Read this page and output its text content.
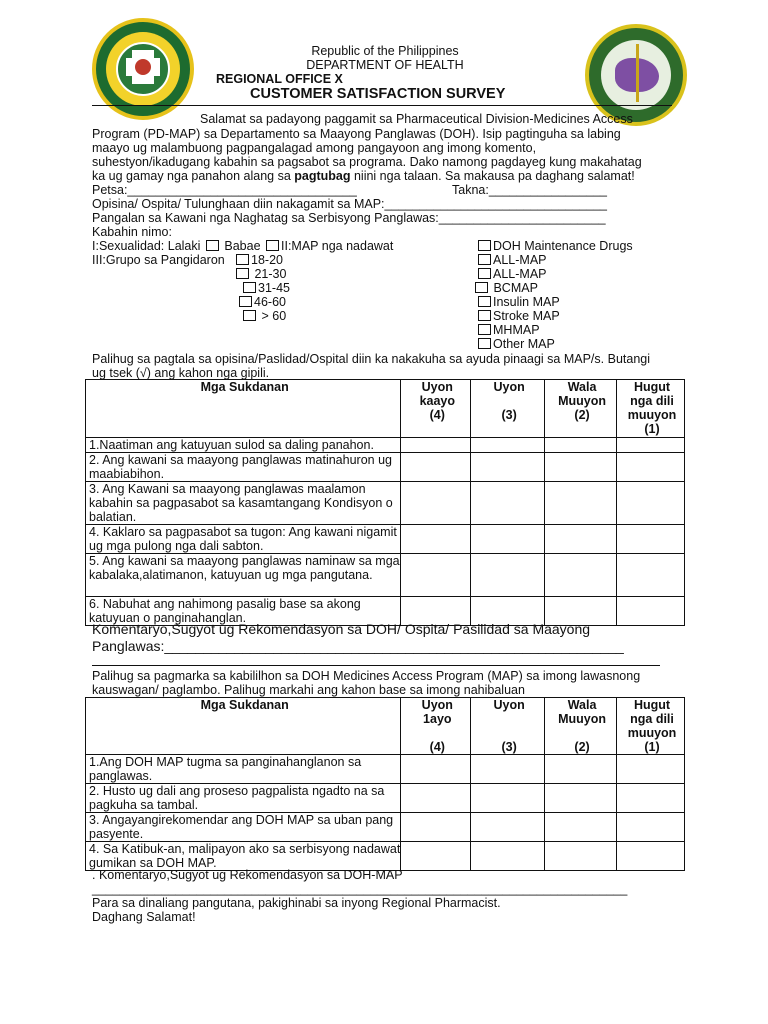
Republic of the Philippines
DEPARTMENT OF HEALTH
REGIONAL OFFICE X
CUSTOMER SATISFACTION SURVEY
Salamat sa padayong paggamit sa Pharmaceutical Division-Medicines Access
Program (PD-MAP) sa Departamento sa Maayong Panglawas (DOH). Isip pagtinguha sa labing
maayo ug malambuong pagpangalagad among pangayoon ang imong komento,
suhestyon/ikadugang kabahin sa pagsabot sa programa. Dako namong pagdayeg kung makahatag
ka ug gamay nga panahon alang sa pagtubag niini nga talaan. Sa makausa pa daghang salamat!
Petsa:_________________________________	Takna:_________________
Opisina/ Ospita/ Tulunghaan diin nakagamit sa MAP:________________________________
Pangalan sa Kawani nga Naghatag sa Serbisyong Panglawas:________________________
Kabahin nimo:
I:Sexualidad: Lalaki Babae II:MAP nga nadawat
III:Grupo sa Pangidaron	18-20
21-30
31-45
46-60
> 60
DOH Maintenance Drugs
ALL-MAP
ALL-MAP
BCMAP
Insulin MAP
Stroke MAP
MHMAP
Other MAP
Palihug sa pagtala sa opisina/Paslidad/Ospital diin ka nakakuha sa ayuda pinaagi sa MAP/s. Butangi
ug tsek (√) ang kahon nga gipili.
Mga Sukdanan	Uyon
kaayo
(4)	Uyon

(3)	Wala
Muuyon
(2)	Hugut
nga dili
muuyon
(1)
1.Naatiman ang katuyuan sulod sa daling panahon.				
2. Ang kawani sa maayong panglawas matinahuron ug maabiabihon.				
3. Ang Kawani sa maayong panglawas maalamon kabahin sa pagpasabot sa kasamtangang Kondisyon o balatian.				
4. Kaklaro sa pagpasabot sa tugon: Ang kawani nigamit ug mga pulong nga dali sabton.				
5. Ang kawani sa maayong panglawas naminaw sa mga kabalaka,alatimanon, katuyuan ug mga pangutana.				
6. Nabuhat ang nahimong pasalig base sa akong katuyuan o panginahanglan.				
Komentaryo,Sugyot ug Rekomendasyon sa DOH/ Ospita/ Pasilidad sa Maayong
Panglawas:___________________________________________________________
Palihug sa pagmarka sa kabililhon sa DOH Medicines Access Program (MAP) sa imong lawasnong
kauswagan/ paglambo. Palihug markahi ang kahon base sa imong nahibaluan
Mga Sukdanan	Uyon
1ayo

(4)	Uyon

(3)	Wala
Muuyon

(2)	Hugut
nga dili
muuyon
(1)
1.Ang DOH MAP tugma sa panginahanglanon sa panglawas.				
2. Husto ug dali ang proseso pagpalista ngadto na sa pagkuha sa tambal.				
3. Angayangirekomendar ang DOH MAP sa uban pang pasyente.				
4. Sa Katibuk-an, malipayon ako sa serbisyong nadawat gumikan sa DOH MAP.				
. Komentaryo,Sugyot ug Rekomendasyon sa DOH-MAP
_____________________________________________________________________________
Para sa dinaliang pangutana, pakighinabi sa inyong Regional Pharmacist.
Daghang Salamat!
